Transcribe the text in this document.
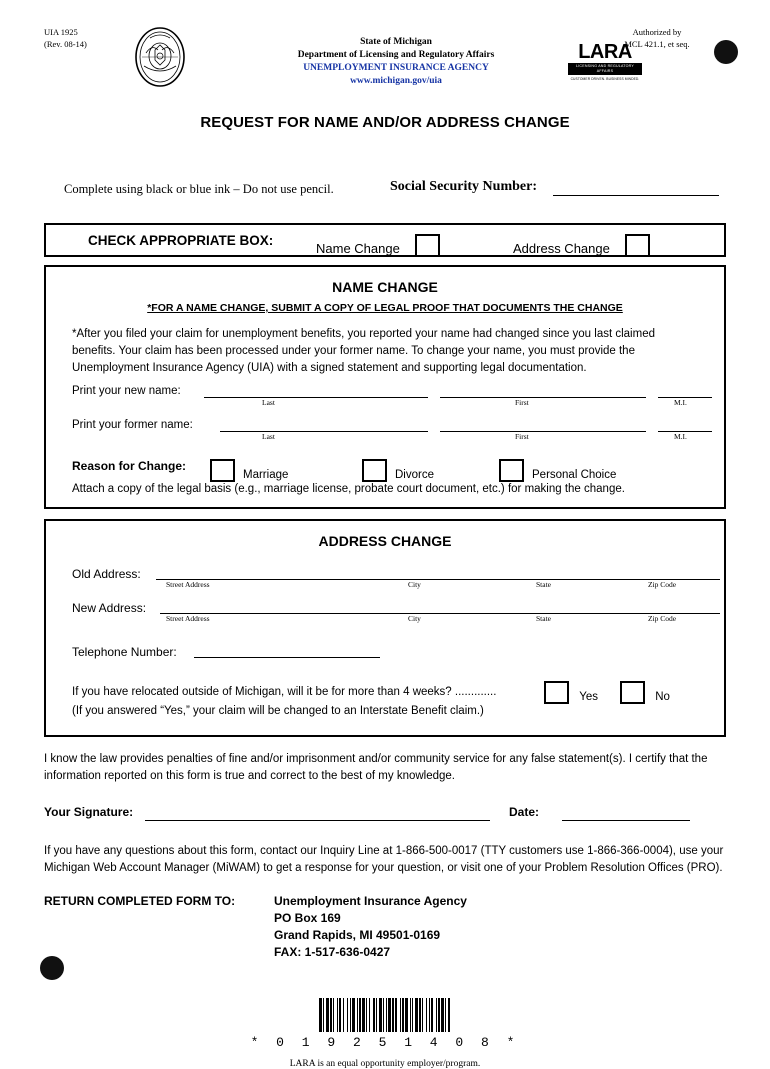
UIA 1925
(Rev. 08-14)	State of Michigan
Department of Licensing and Regulatory Affairs
UNEMPLOYMENT INSURANCE AGENCY
www.michigan.gov/uia
Authorized by
MCL 421.1, et seq.
LARA
LICENSING AND REGULATORY AFFAIRS
CUSTOMER DRIVEN. BUSINESS MINDED.
REQUEST FOR NAME AND/OR ADDRESS CHANGE
Complete using black or blue ink – Do not use pencil.	Social Security Number:
CHECK APPROPRIATE BOX:
Name Change	Address Change
NAME CHANGE
*FOR A NAME CHANGE, SUBMIT A COPY OF LEGAL PROOF THAT DOCUMENTS THE CHANGE
*After you filed your claim for unemployment benefits, you reported your name had changed since you last claimed benefits. Your claim has been processed under your former name. To change your name, you must provide the Unemployment Insurance Agency (UIA) with a signed statement and supporting legal documentation.
Print your new name:
Last	First	M.I.
Print your former name:
Last	First	M.I.
Reason for Change:
Marriage	Divorce	Personal Choice
Attach a copy of the legal basis (e.g., marriage license, probate court document, etc.) for making the change.
ADDRESS CHANGE
Old Address:
Street Address	City	State	Zip Code
New Address:
Street Address	City	State	Zip Code
Telephone Number:
If you have relocated outside of Michigan, will it be for more than 4 weeks? .............	Yes	No
(If you answered “Yes,” your claim will be changed to an Interstate Benefit claim.)
I know the law provides penalties of fine and/or imprisonment and/or community service for any false statement(s). I certify that the information reported on this form is true and correct to the best of my knowledge.
Your Signature:	Date:
If you have any questions about this form, contact our Inquiry Line at 1-866-500-0017 (TTY customers use 1-866-366-0004), use your Michigan Web Account Manager (MiWAM) to get a response for your question, or visit one of your Problem Resolution Offices (PRO).
RETURN COMPLETED FORM TO:	Unemployment Insurance Agency
PO Box 169
Grand Rapids, MI 49501-0169
FAX: 1-517-636-0427
* 0 1 9 2 5 1 4 0 8 *
LARA is an equal opportunity employer/program.
